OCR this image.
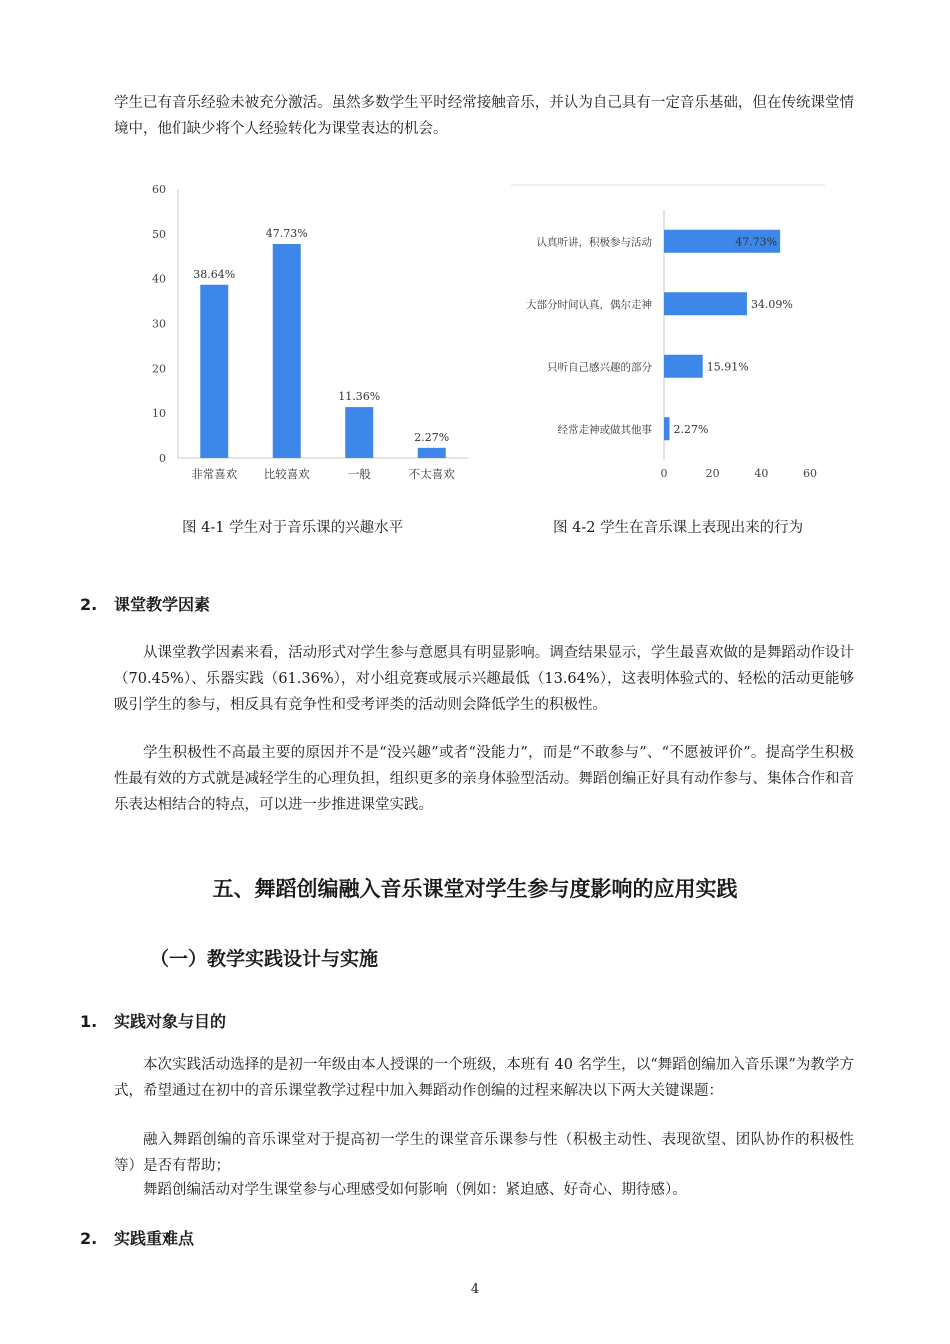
学生已有音乐经验未被充分激活。虽然多数学生平时经常接触音乐，并认为自己具有一定音乐基础，但在传统课堂情境中，他们缺少将个人经验转化为课堂表达的机会。

0
10
20
30
40
50
60
38.64%
非常喜欢
47.73%
比较喜欢
11.36%
一般
2.27%
不太喜欢	0	20	40	60
47.73%
认真听讲，积极参与活动
34.09%
大部分时间认真，偶尔走神
15.91%
只听自己感兴趣的部分
2.27%
经常走神或做其他事
图 4-1 学生对于音乐课的兴趣水平	图 4-2 学生在音乐课上表现出来的行为
2. 课堂教学因素

从课堂教学因素来看，活动形式对学生参与意愿具有明显影响。调查结果显示，学生最喜欢做的是舞蹈动作设计（70.45%）、乐器实践（61.36%），对小组竞赛或展示兴趣最低（13.64%），这表明体验式的、轻松的活动更能够吸引学生的参与，相反具有竞争性和受考评类的活动则会降低学生的积极性。

学生积极性不高最主要的原因并不是“没兴趣”或者“没能力”，而是“不敢参与”、“不愿被评价”。提高学生积极性最有效的方式就是减轻学生的心理负担，组织更多的亲身体验型活动。舞蹈创编正好具有动作参与、集体合作和音乐表达相结合的特点，可以进一步推进课堂实践。

五、舞蹈创编融入音乐课堂对学生参与度影响的应用实践
（一）教学实践设计与实施
1. 实践对象与目的

本次实践活动选择的是初一年级由本人授课的一个班级，本班有 40 名学生，以“舞蹈创编加入音乐课”为教学方式，希望通过在初中的音乐课堂教学过程中加入舞蹈动作创编的过程来解决以下两大关键课题：

融入舞蹈创编的音乐课堂对于提高初一学生的课堂音乐课参与性（积极主动性、表现欲望、团队协作的积极性等）是否有帮助；

舞蹈创编活动对学生课堂参与心理感受如何影响（例如：紧迫感、好奇心、期待感）。

2. 实践重难点
4
